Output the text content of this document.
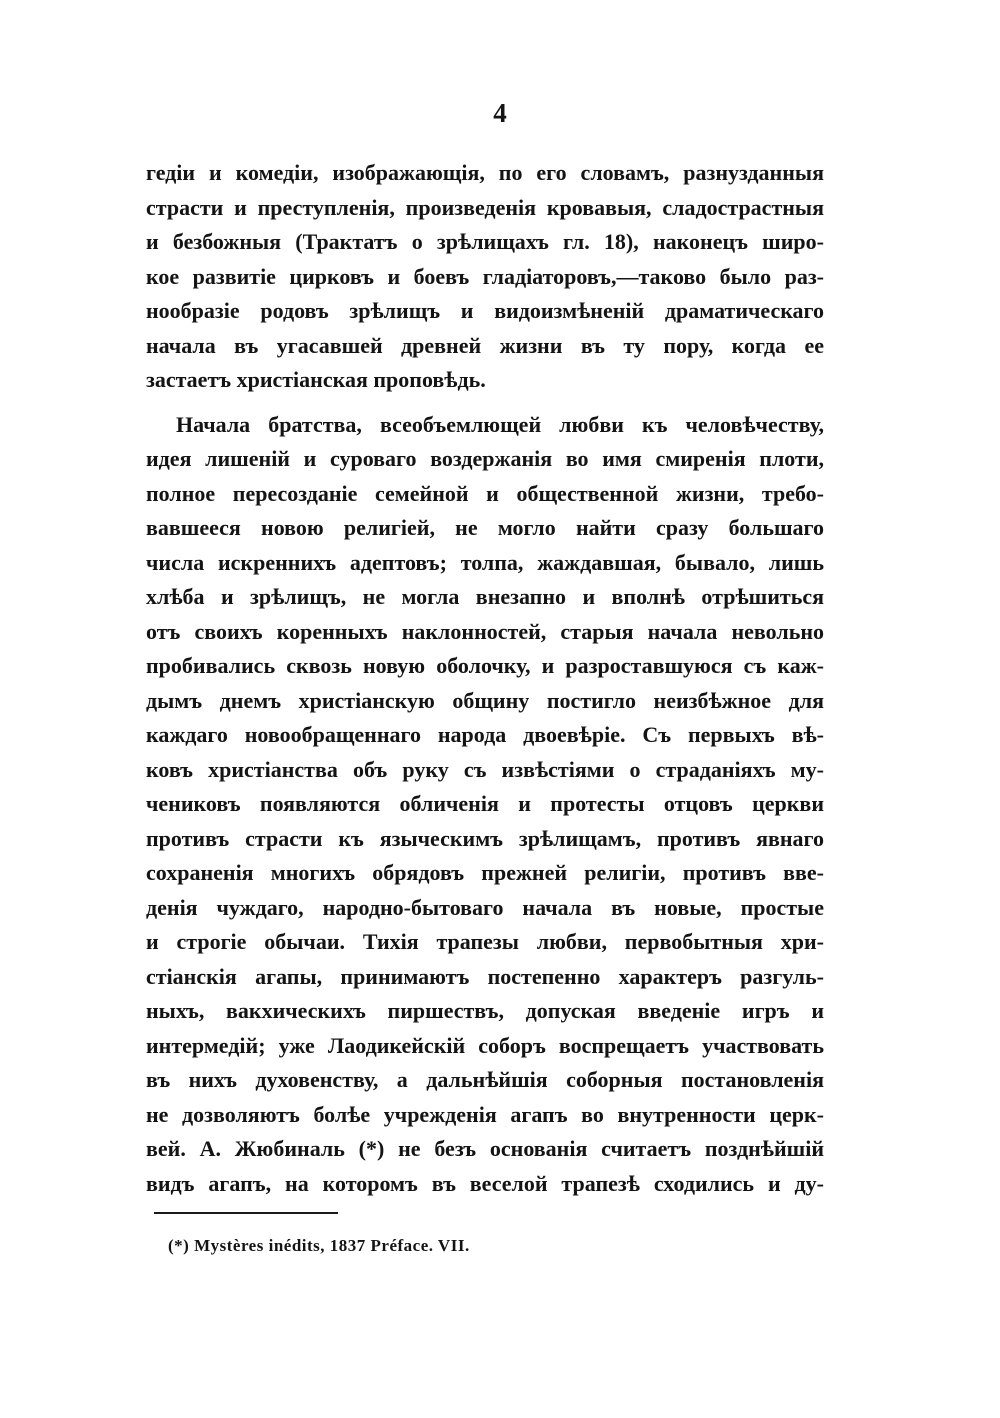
4
гедіи и комедіи, изображающія, по его словамъ, разнузданныя
страсти и преступленія, произведенія кровавыя, сладострастныя
и безбожныя (Трактатъ о зрѣлищахъ гл. 18), наконецъ широ-
кое развитіе цирковъ и боевъ гладіаторовъ,—таково было раз-
нообразіе родовъ зрѣлищъ и видоизмѣненій драматическаго
начала въ угасавшей древней жизни въ ту пору, когда ее
застаетъ христіанская проповѣдь.
Начала братства, всеобъемлющей любви къ человѣчеству,
идея лишеній и суроваго воздержанія во имя смиренія плоти,
полное пересозданіе семейной и общественной жизни, требо-
вавшееся новою религіей, не могло найти сразу большаго
числа искреннихъ адептовъ; толпа, жаждавшая, бывало, лишь
хлѣба и зрѣлищъ, не могла внезапно и вполнѣ отрѣшиться
отъ своихъ коренныхъ наклонностей, старыя начала невольно
пробивались сквозь новую оболочку, и разроставшуюся съ каж-
дымъ днемъ христіанскую общину постигло неизбѣжное для
каждаго новообращеннаго народа двоевѣріе. Съ первыхъ вѣ-
ковъ христіанства объ руку съ извѣстіями о страданіяхъ му-
чениковъ появляются обличенія и протесты отцовъ церкви
противъ страсти къ языческимъ зрѣлищамъ, противъ явнаго
сохраненія многихъ обрядовъ прежней религіи, противъ вве-
денія чуждаго, народно-бытоваго начала въ новые, простые
и строгіе обычаи. Тихія трапезы любви, первобытныя хри-
стіанскія агапы, принимаютъ постепенно характеръ разгуль-
ныхъ, вакхическихъ пиршествъ, допуская введеніе игръ и
интермедій; уже Лаодикейскій соборъ воспрещаетъ участвовать
въ нихъ духовенству, а дальнѣйшія соборныя постановленія
не дозволяютъ болѣе учрежденія агапъ во внутренности церк-
вей. А. Жюбиналь (*) не безъ основанія считаетъ позднѣйшій
видъ агапъ, на которомъ въ веселой трапезѣ сходились и ду-
(*) Mystères inédits, 1837 Préface. VII.
